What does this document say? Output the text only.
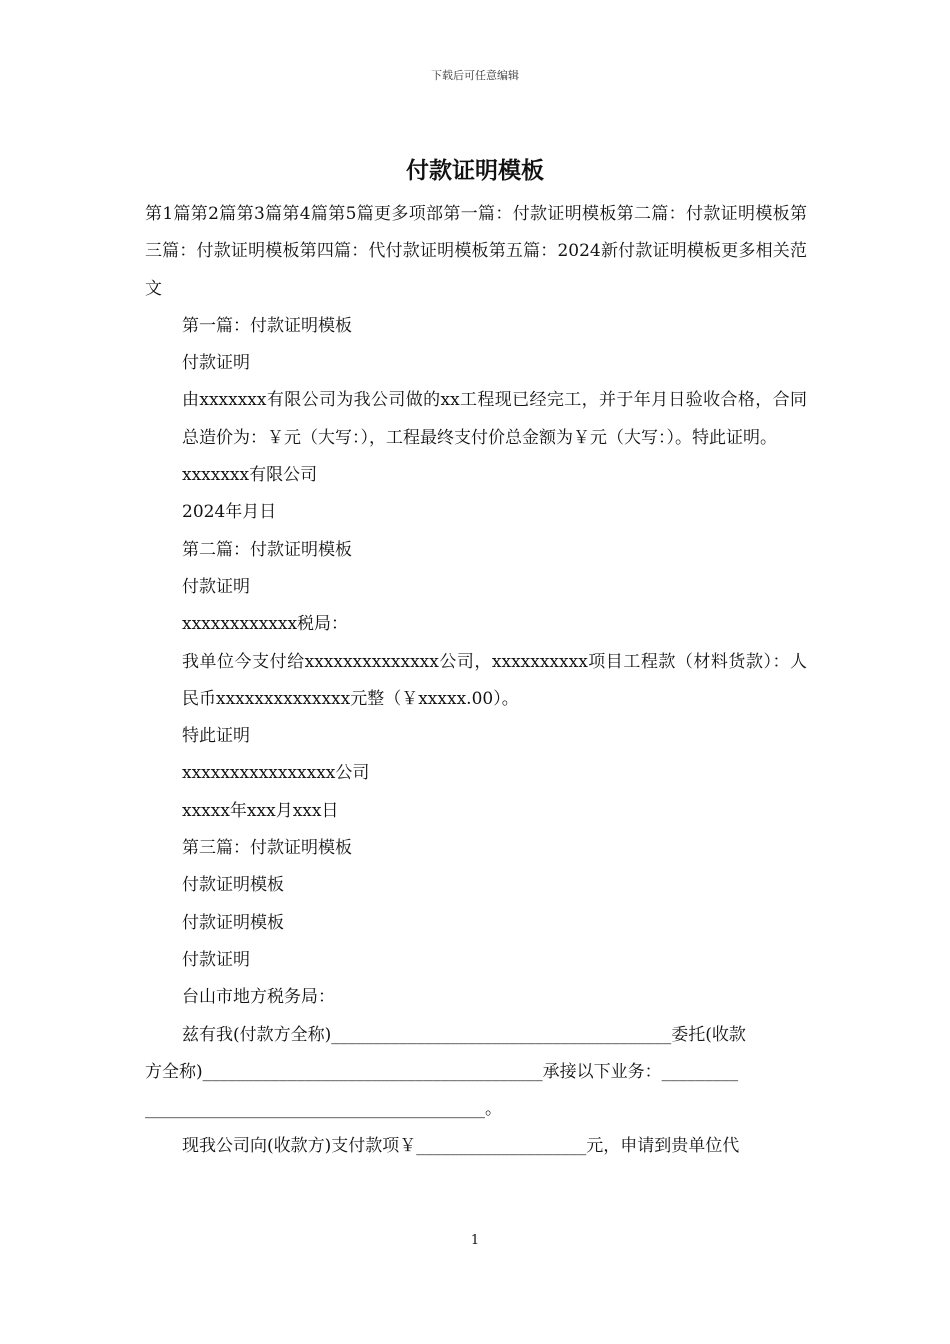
下载后可任意编辑
付款证明模板

第1篇第2篇第3篇第4篇第5篇更多项部第一篇：付款证明模板第二篇：付款证明模板第三篇：付款证明模板第四篇：代付款证明模板第五篇：2024新付款证明模板更多相关范文

第一篇：付款证明模板

付款证明

由xxxxxxx有限公司为我公司做的xx工程现已经完工，并于年月日验收合格，合同总造价为：￥元（大写：），工程最终支付价总金额为￥元（大写：）。特此证明。

xxxxxxx有限公司

2024年月日

第二篇：付款证明模板

付款证明

xxxxxxxxxxxx税局：

我单位今支付给xxxxxxxxxxxxxx公司，xxxxxxxxxx项目工程款（材料货款）：人民币xxxxxxxxxxxxxx元整（￥xxxxx.00）。

特此证明

xxxxxxxxxxxxxxxx公司

xxxxx年xxx月xxx日

第三篇：付款证明模板

付款证明模板

付款证明模板

付款证明

台山市地方税务局：

兹有我(付款方全称)________________________________________委托(收款

方全称)________________________________________承接以下业务：_________

________________________________________。

现我公司向(收款方)支付款项￥____________________元，申请到贵单位代

1
